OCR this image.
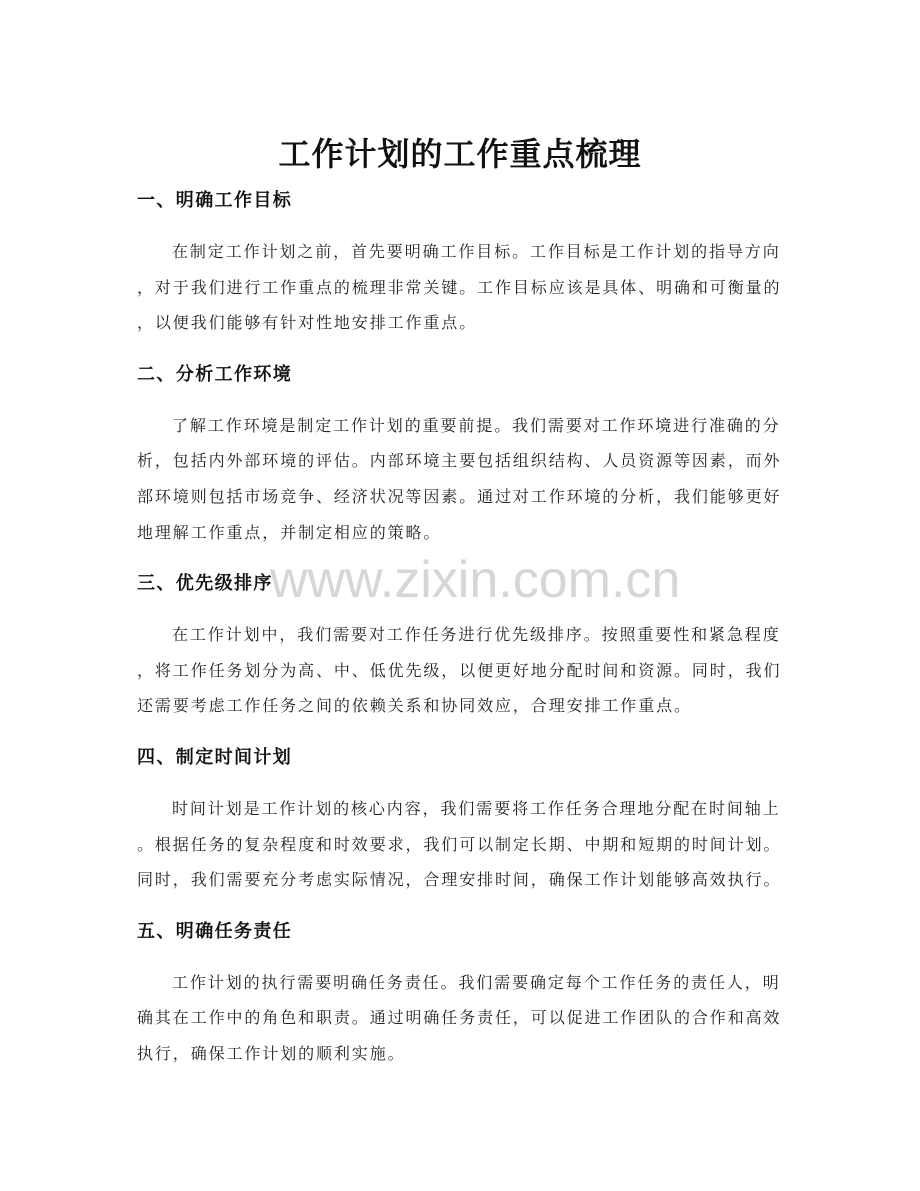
www.zixin.com.cn
工作计划的工作重点梳理
一、明确工作目标
在制定工作计划之前，首先要明确工作目标。工作目标是工作计划的指导方向
，对于我们进行工作重点的梳理非常关键。工作目标应该是具体、明确和可衡量的
，以便我们能够有针对性地安排工作重点。
二、分析工作环境
了解工作环境是制定工作计划的重要前提。我们需要对工作环境进行准确的分
析，包括内外部环境的评估。内部环境主要包括组织结构、人员资源等因素，而外
部环境则包括市场竞争、经济状况等因素。通过对工作环境的分析，我们能够更好
地理解工作重点，并制定相应的策略。
三、优先级排序
在工作计划中，我们需要对工作任务进行优先级排序。按照重要性和紧急程度
，将工作任务划分为高、中、低优先级，以便更好地分配时间和资源。同时，我们
还需要考虑工作任务之间的依赖关系和协同效应，合理安排工作重点。
四、制定时间计划
时间计划是工作计划的核心内容，我们需要将工作任务合理地分配在时间轴上
。根据任务的复杂程度和时效要求，我们可以制定长期、中期和短期的时间计划。
同时，我们需要充分考虑实际情况，合理安排时间，确保工作计划能够高效执行。
五、明确任务责任
工作计划的执行需要明确任务责任。我们需要确定每个工作任务的责任人，明
确其在工作中的角色和职责。通过明确任务责任，可以促进工作团队的合作和高效
执行，确保工作计划的顺利实施。
